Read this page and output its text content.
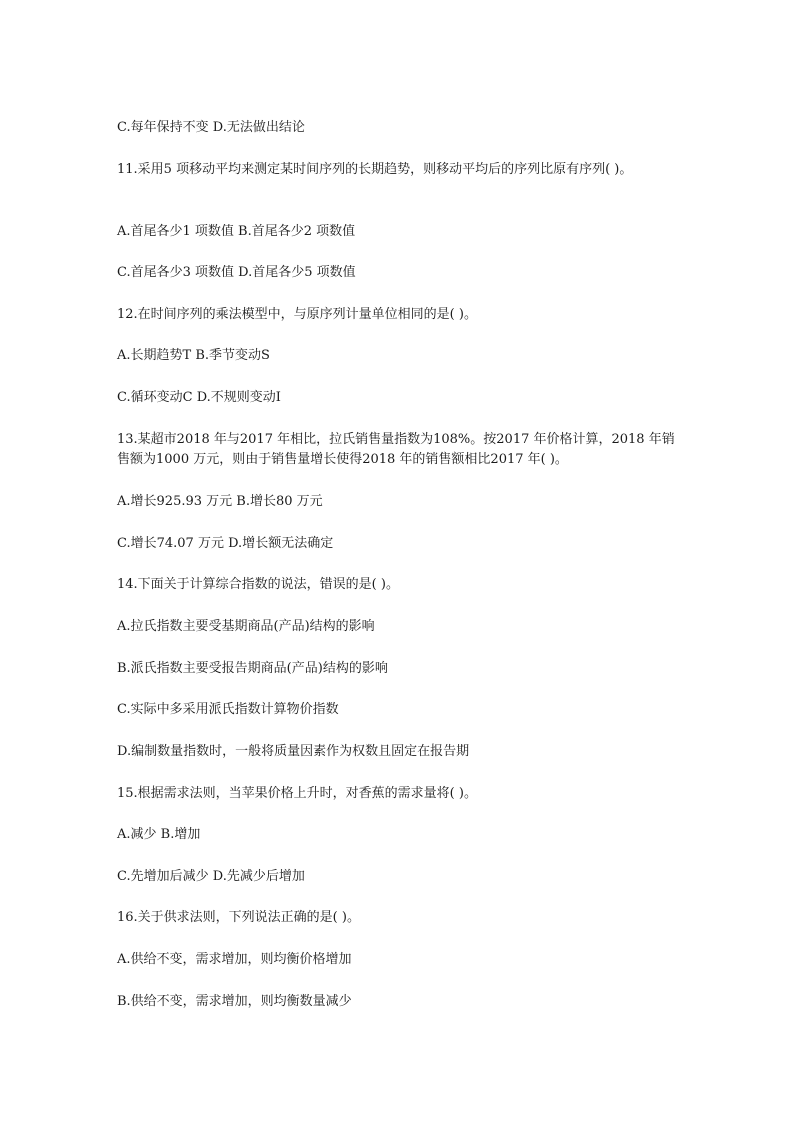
C.每年保持不变 D.无法做出结论
11.采用5 项移动平均来测定某时间序列的长期趋势，则移动平均后的序列比原有序列( )。
A.首尾各少1 项数值 B.首尾各少2 项数值
C.首尾各少3 项数值 D.首尾各少5 项数值
12.在时间序列的乘法模型中，与原序列计量单位相同的是( )。
A.长期趋势T B.季节变动S
C.循环变动C D.不规则变动I
13.某超市2018 年与2017 年相比，拉氏销售量指数为108%。按2017 年价格计算，2018 年销售额为1000 万元，则由于销售量增长使得2018 年的销售额相比2017 年( )。
A.增长925.93 万元 B.增长80 万元
C.增长74.07 万元 D.增长额无法确定
14.下面关于计算综合指数的说法，错误的是( )。
A.拉氏指数主要受基期商品(产品)结构的影响
B.派氏指数主要受报告期商品(产品)结构的影响
C.实际中多采用派氏指数计算物价指数
D.编制数量指数时，一般将质量因素作为权数且固定在报告期
15.根据需求法则，当苹果价格上升时，对香蕉的需求量将( )。
A.减少 B.增加
C.先增加后减少 D.先减少后增加
16.关于供求法则，下列说法正确的是( )。
A.供给不变，需求增加，则均衡价格增加
B.供给不变，需求增加，则均衡数量减少
